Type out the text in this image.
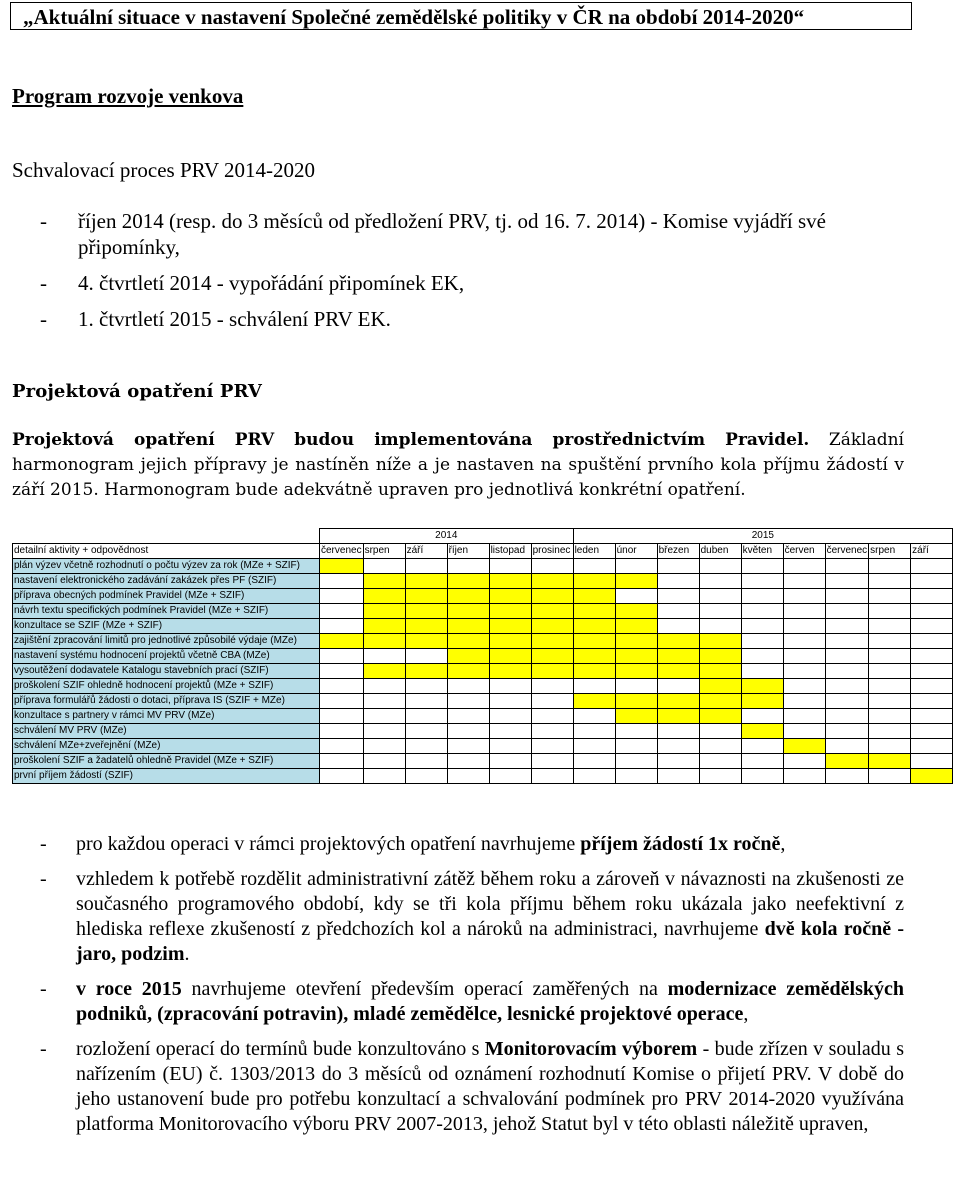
„Aktuální situace v nastavení Společné zemědělské politiky v ČR na období 2014-2020“
Program rozvoje venkova
Schvalovací proces PRV 2014-2020
- říjen 2014 (resp. do 3 měsíců od předložení PRV, tj. od 16. 7. 2014) - Komise vyjádří své připomínky,
- 4. čtvrtletí 2014 - vypořádání připomínek EK,
- 1. čtvrtletí 2015 - schválení PRV EK.
Projektová opatření PRV
Projektová opatření PRV budou implementována prostřednictvím Pravidel. Základní harmonogram jejich přípravy je nastíněn níže a je nastaven na spuštění prvního kola příjmu žádostí v září 2015. Harmonogram bude adekvátně upraven pro jednotlivá konkrétní opatření.
	2014						2015								
detailní aktivity + odpovědnost	červenec	srpen	září	říjen	listopad	prosinec	leden	únor	březen	duben	květen	červen	červenec	srpen	září
plán výzev včetně rozhodnutí o počtu výzev za rok (MZe + SZIF)															
nastavení elektronického zadávání zakázek přes PF (SZIF)															
příprava obecných podmínek Pravidel (MZe + SZIF)															
návrh textu specifických podmínek Pravidel (MZe + SZIF)															
konzultace se SZIF (MZe + SZIF)															
zajištění zpracování limitů pro jednotlivé způsobilé výdaje (MZe)															
nastavení systému hodnocení projektů včetně CBA (MZe)															
vysoutěžení dodavatele Katalogu stavebních prací (SZIF)															
proškolení SZIF ohledně hodnocení projektů (MZe + SZIF)															
příprava formulářů žádosti o dotaci, příprava IS (SZIF + MZe)															
konzultace s partnery v rámci MV PRV (MZe)															
schválení MV PRV (MZe)															
schválení MZe+zveřejnění (MZe)															
proškolení SZIF a žadatelů ohledně Pravidel (MZe + SZIF)															
první příjem žádostí (SZIF)															
- pro každou operaci v rámci projektových opatření navrhujeme příjem žádostí 1x ročně,
- vzhledem k potřebě rozdělit administrativní zátěž během roku a zároveň v návaznosti na zkušenosti ze současného programového období, kdy se tři kola příjmu během roku ukázala jako neefektivní z hlediska reflexe zkušeností z předchozích kol a nároků na administraci, navrhujeme dvě kola ročně - jaro, podzim.
- v roce 2015 navrhujeme otevření především operací zaměřených na modernizace zemědělských podniků, (zpracování potravin), mladé zemědělce, lesnické projektové operace,
- rozložení operací do termínů bude konzultováno s Monitorovacím výborem - bude zřízen v souladu s nařízením (EU) č. 1303/2013 do 3 měsíců od oznámení rozhodnutí Komise o přijetí PRV. V době do jeho ustanovení bude pro potřebu konzultací a schvalování podmínek pro PRV 2014-2020 využívána platforma Monitorovacího výboru PRV 2007-2013, jehož Statut byl v této oblasti náležitě upraven,
